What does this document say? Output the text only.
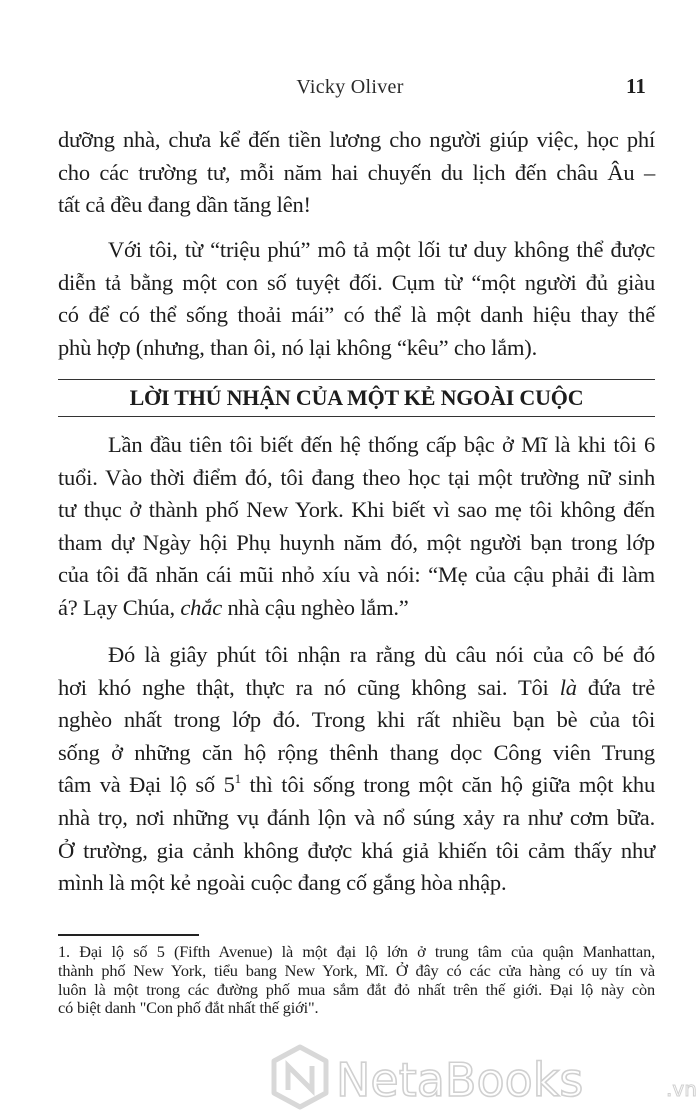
Vicky Oliver	11
dưỡng nhà, chưa kể đến tiền lương cho người giúp việc, học phí
cho các trường tư, mỗi năm hai chuyến du lịch đến châu Âu –
tất cả đều đang dần tăng lên!
Với tôi, từ “triệu phú” mô tả một lối tư duy không thể được
diễn tả bằng một con số tuyệt đối. Cụm từ “một người đủ giàu
có để có thể sống thoải mái” có thể là một danh hiệu thay thế
phù hợp (nhưng, than ôi, nó lại không “kêu” cho lắm).
LỜI THÚ NHẬN CỦA MỘT KẺ NGOÀI CUỘC
Lần đầu tiên tôi biết đến hệ thống cấp bậc ở Mĩ là khi tôi 6
tuổi. Vào thời điểm đó, tôi đang theo học tại một trường nữ sinh
tư thục ở thành phố New York. Khi biết vì sao mẹ tôi không đến
tham dự Ngày hội Phụ huynh năm đó, một người bạn trong lớp
của tôi đã nhăn cái mũi nhỏ xíu và nói: “Mẹ của cậu phải đi làm
á? Lạy Chúa, chắc nhà cậu nghèo lắm.”
Đó là giây phút tôi nhận ra rằng dù câu nói của cô bé đó
hơi khó nghe thật, thực ra nó cũng không sai. Tôi là đứa trẻ
nghèo nhất trong lớp đó. Trong khi rất nhiều bạn bè của tôi
sống ở những căn hộ rộng thênh thang dọc Công viên Trung
tâm và Đại lộ số $5^1$ thì tôi sống trong một căn hộ giữa một khu
nhà trọ, nơi những vụ đánh lộn và nổ súng xảy ra như cơm bữa.
Ở trường, gia cảnh không được khá giả khiến tôi cảm thấy như
mình là một kẻ ngoài cuộc đang cố gắng hòa nhập.
1. Đại lộ số 5 (Fifth Avenue) là một đại lộ lớn ở trung tâm của quận Manhattan,
thành phố New York, tiểu bang New York, Mĩ. Ở đây có các cửa hàng có uy tín và
luôn là một trong các đường phố mua sắm đắt đỏ nhất trên thế giới. Đại lộ này còn
có biệt danh "Con phố đắt nhất thế giới".
NetaBooks	.vn
